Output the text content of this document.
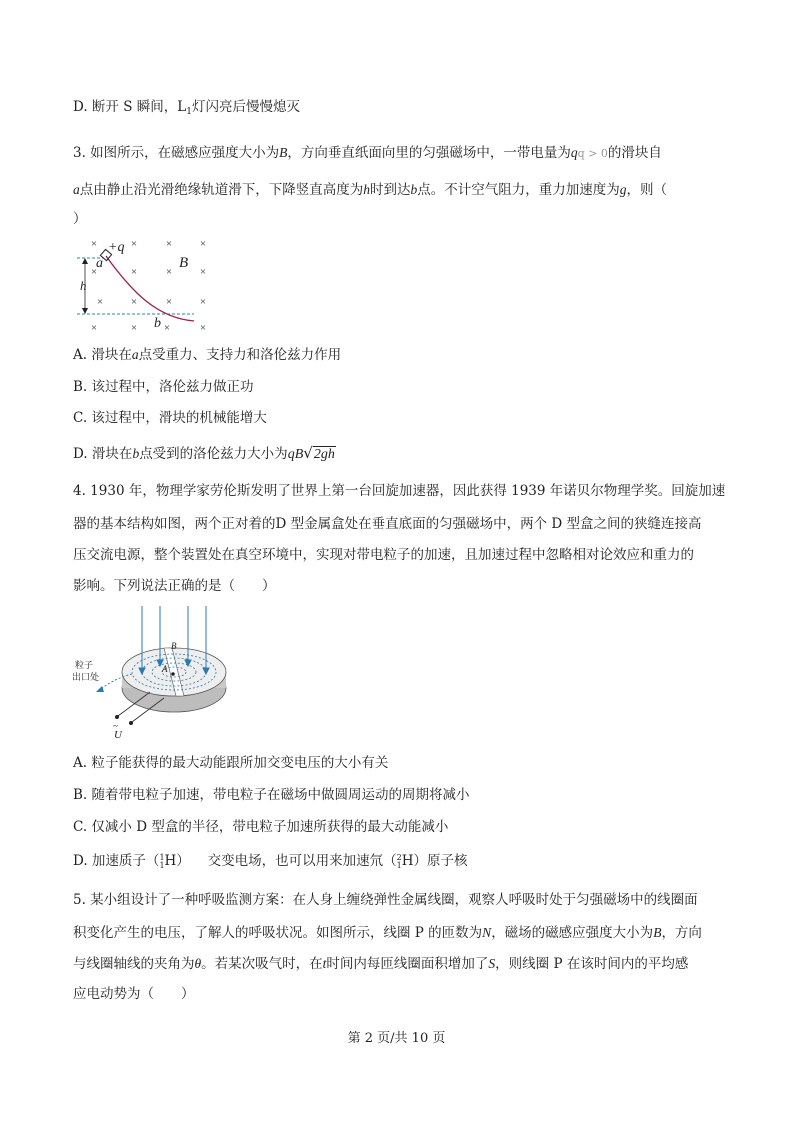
D. 断开 S 瞬间，$L_1$灯闪亮后慢慢熄灭
3. 如图所示，在磁感应强度大小为B，方向垂直纸面向里的匀强磁场中，一带电量为qq > 0的滑块自
a点由静止沿光滑绝缘轨道滑下，下降竖直高度为h时到达b点。不计空气阻力，重力加速度为g，则（
）
×	×	×	×
×	×	×	×
×	×	×	×
×	×	×
h
+q
a	B
b ×
A. 滑块在a点受重力、支持力和洛伦兹力作用
B. 该过程中，洛伦兹力做正功
C. 该过程中，滑块的机械能增大
D. 滑块在b点受到的洛伦兹力大小为qB√2gh
4. 1930 年，物理学家劳伦斯发明了世界上第一台回旋加速器，因此获得 1939 年诺贝尔物理学奖。回旋加速
器的基本结构如图，两个正对着的D 型金属盒处在垂直底面的匀强磁场中，两个 D 型盒之间的狭缝连接高
压交流电源，整个装置处在真空环境中，实现对带电粒子的加速，且加速过程中忽略相对论效应和重力的
影响。下列说法正确的是（　　）
A
B
粒子
出口处
U
~
A. 粒子能获得的最大动能跟所加交变电压的大小有关
B. 随着带电粒子加速，带电粒子在磁场中做圆周运动的周期将减小
C. 仅减小 D 型盒的半径，带电粒子加速所获得的最大动能减小
D. 加速质子（1
1H） 　交变电场，也可以用来加速氘（2
1H）原子核
5. 某小组设计了一种呼吸监测方案：在人身上缠绕弹性金属线圈，观察人呼吸时处于匀强磁场中的线圈面
积变化产生的电压，了解人的呼吸状况。如图所示，线圈 P 的匝数为N，磁场的磁感应强度大小为B，方向
与线圈轴线的夹角为θ。若某次吸气时，在t时间内每匝线圈面积增加了S，则线圈 P 在该时间内的平均感
应电动势为（　　）
第 2 页/共 10 页
